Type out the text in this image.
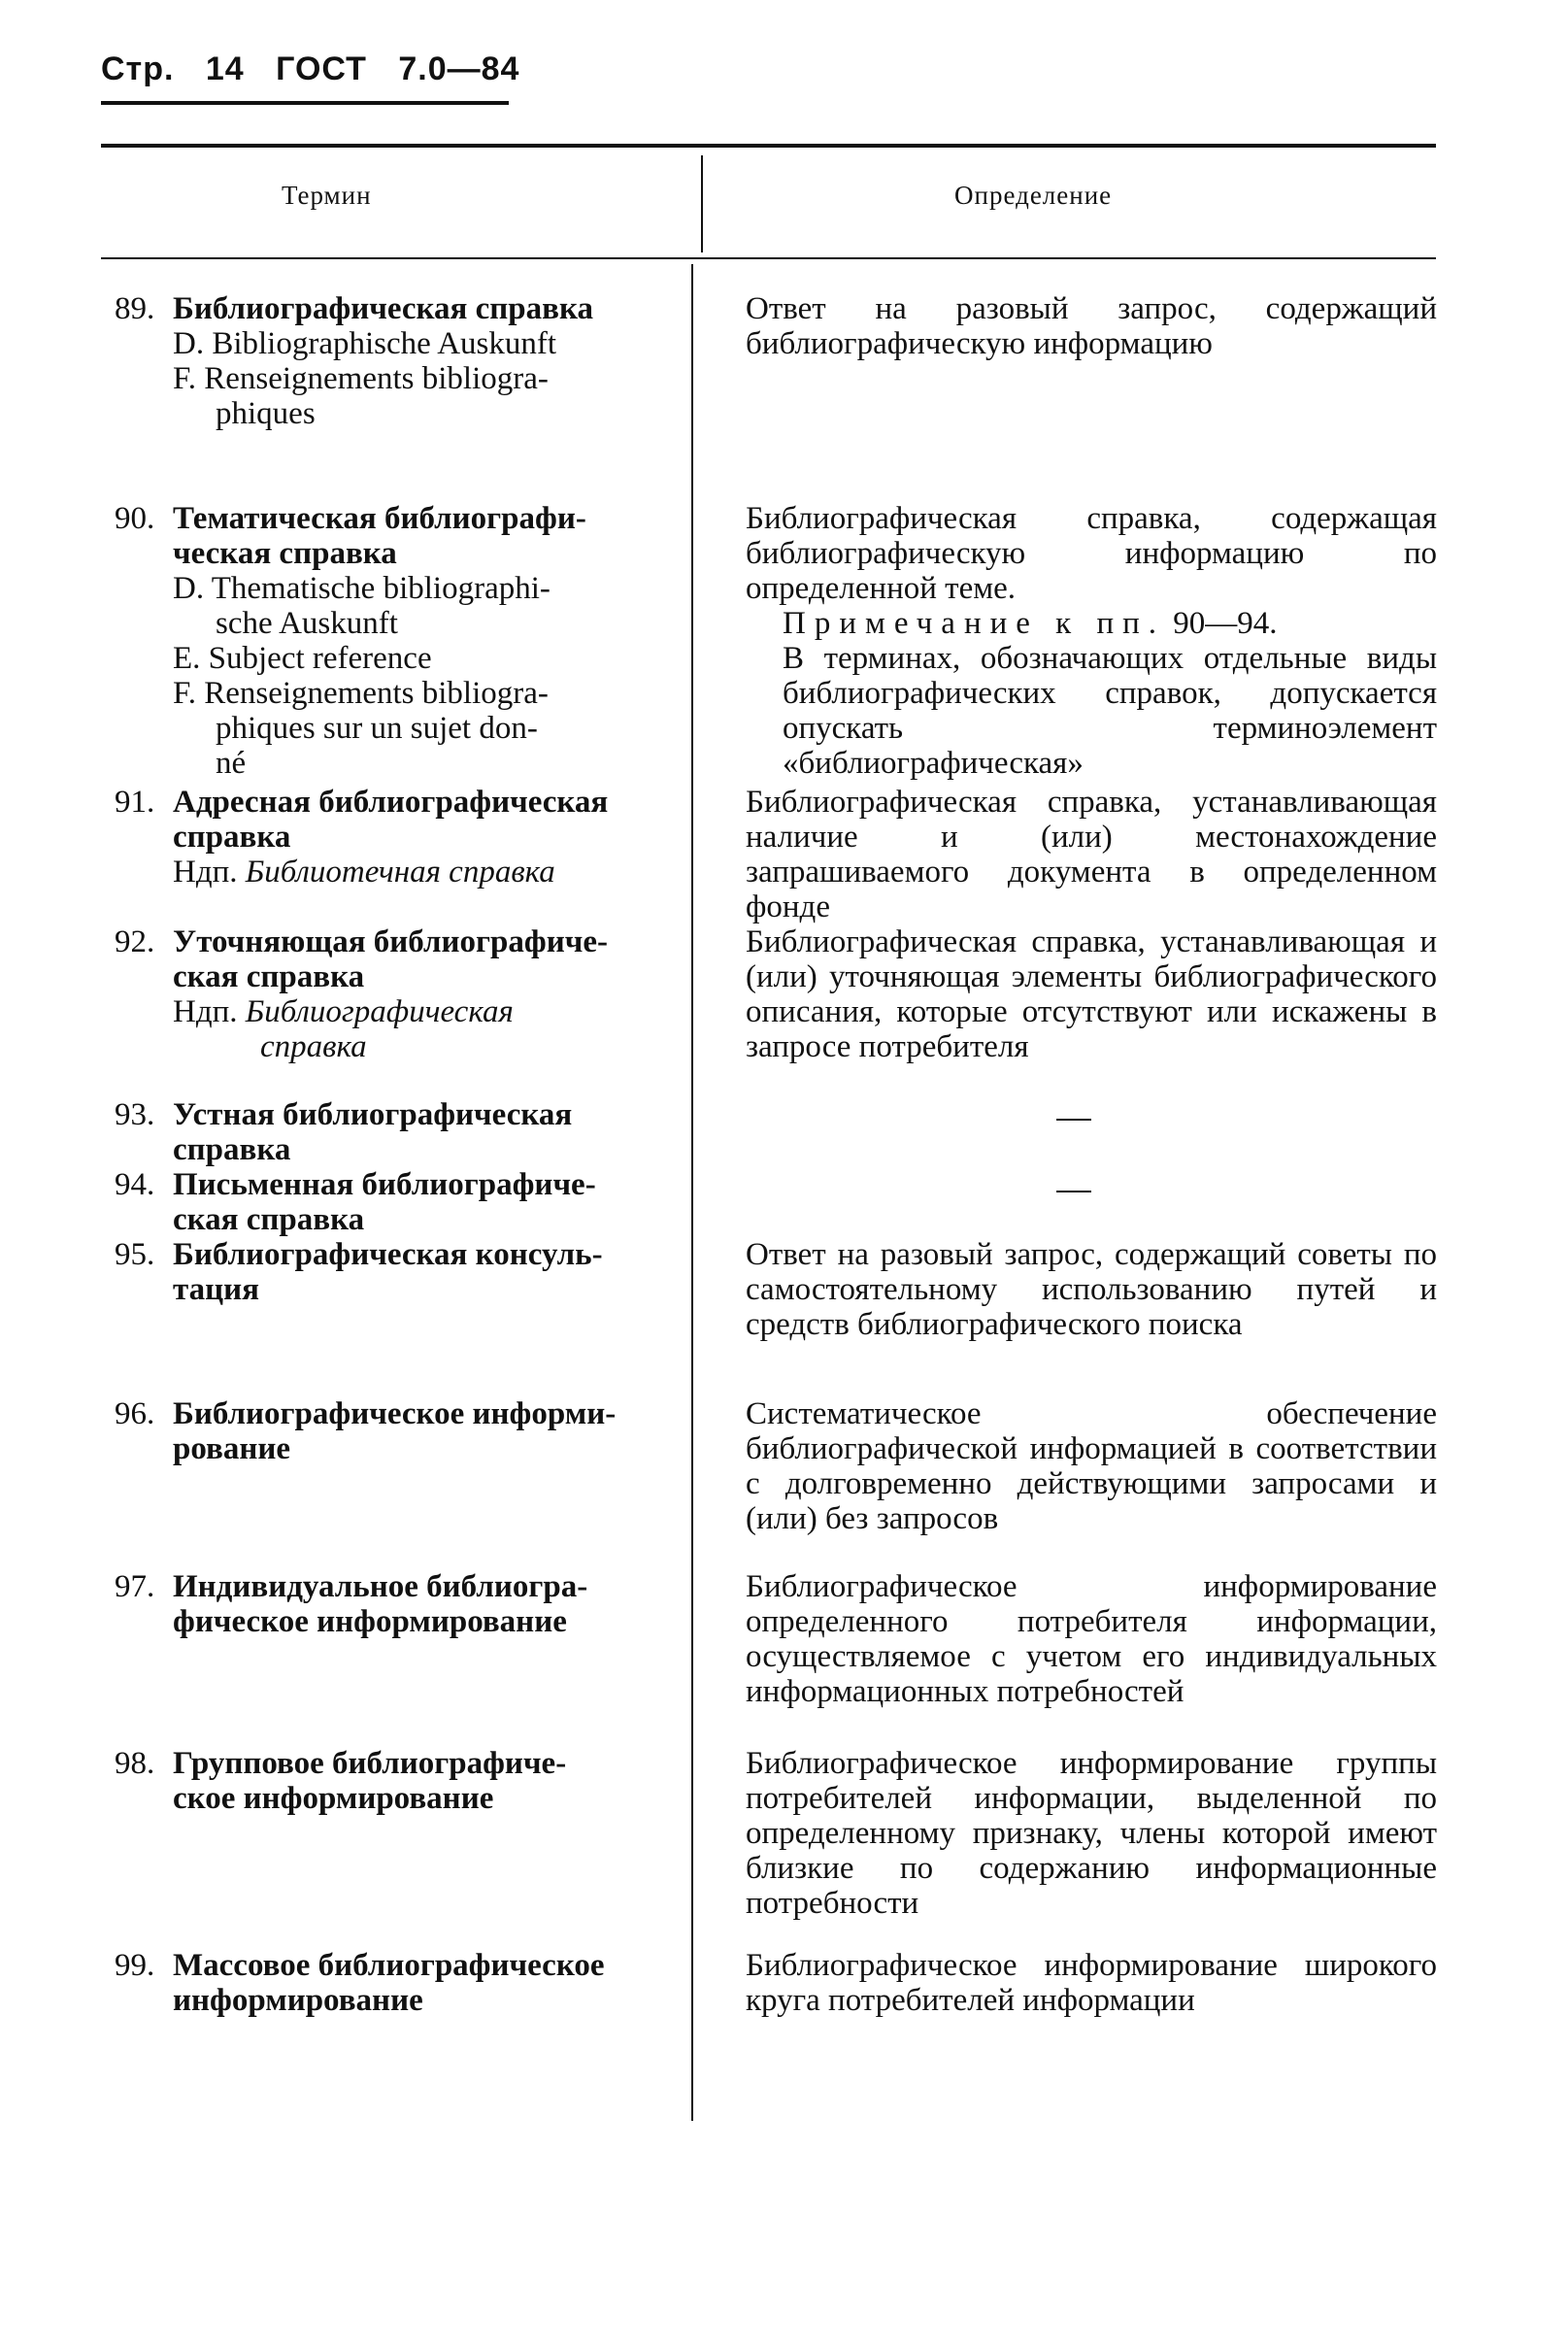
Стр. 14 ГОСТ 7.0—84
Термин	Определение
89. Библиографическая справка
D. Bibliographische Auskunft
F. Renseignements bibliogra-
phiques
Ответ на разовый запрос, содержащий библиографическую информацию
90. Тематическая библиографи-
ческая справка
D. Thematische bibliographi-
sche Auskunft
E. Subject reference
F. Renseignements bibliogra-
phiques sur un sujet don-
né
Библиографическая справка, содержащая библиографическую информацию по определенной теме.
Примечание к пп. 90—94.
В терминах, обозначающих отдельные виды библиографических справок, допускается опускать терминоэлемент «библиографическая»
91. Адресная библиографическая
справка
Ндп. Библиотечная справка
Библиографическая справка, устанавливающая наличие и (или) местонахождение запрашиваемого документа в определенном фонде
92. Уточняющая библиографиче-
ская справка
Ндп. Библиографическая
справка
Библиографическая справка, устанавливающая и (или) уточняющая элементы библиографического описания, которые отсутствуют или искажены в запросе потребителя
93. Устная библиографическая
справка
94. Письменная библиографиче-
ская справка
95. Библиографическая консуль-
тация
Ответ на разовый запрос, содержащий советы по самостоятельному использованию путей и средств библиографического поиска
96. Библиографическое информи-
рование
Систематическое обеспечение библиографической информацией в соответствии с долговременно действующими запросами и (или) без запросов
97. Индивидуальное библиогра-
фическое информирование
Библиографическое информирование определенного потребителя информации, осуществляемое с учетом его индивидуальных информационных потребностей
98. Групповое библиографиче-
ское информирование
Библиографическое информирование группы потребителей информации, выделенной по определенному признаку, члены которой имеют близкие по содержанию информационные потребности
99. Массовое библиографическое
информирование
Библиографическое информирование широкого круга потребителей информации
